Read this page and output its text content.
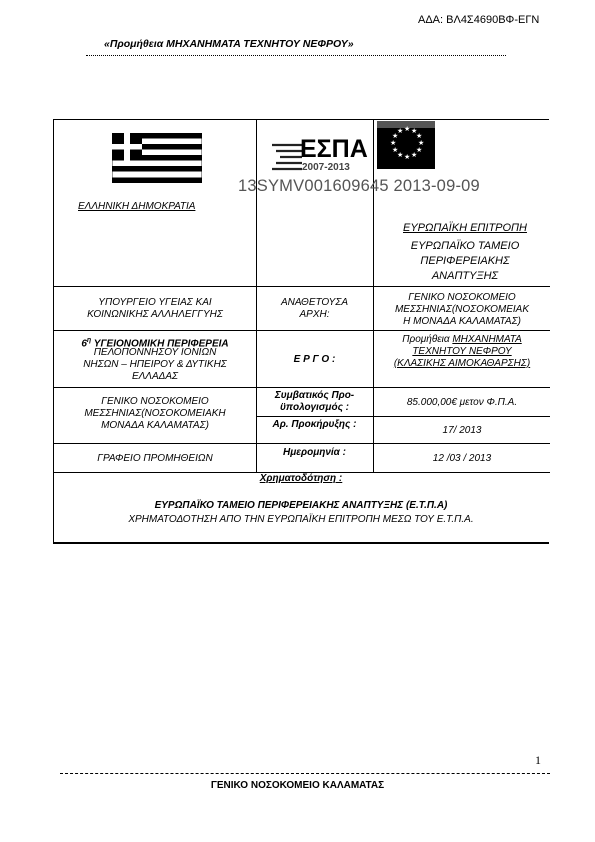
ΑΔΑ: ΒΛ4Σ4690ΒΦ-ΕΓΝ
«Προμήθεια ΜΗΧΑΝΗΜΑΤΑ ΤΕΧΝΗΤΟΥ ΝΕΦΡΟΥ»
ΕΣΠΑ
2007-2013
★ ★
★
★
★
★
★
★
★
★
★
★
13SYMV001609645 2013-09-09
ΕΛΛΗΝΙΚΗ ΔΗΜΟΚΡΑΤΙΑ
ΕΥΡΩΠΑΪΚΗ ΕΠΙΤΡΟΠΗ
ΕΥΡΩΠΑΪΚΟ ΤΑΜΕΙΟ
ΠΕΡΙΦΕΡΕΙΑΚΗΣ
ΑΝΑΠΤΥΞΗΣ
ΥΠΟΥΡΓΕΙΟ ΥΓΕΙΑΣ ΚΑΙ
ΚΟΙΝΩΝΙΚΗΣ ΑΛΛΗΛΕΓΓΥΗΣ
ΑΝΑΘΕΤΟΥΣΑ
ΑΡΧΗ:
ΓΕΝΙΚΟ ΝΟΣΟΚΟΜΕΙΟ
ΜΕΣΣΗΝΙΑΣ(ΝΟΣΟΚΟΜΕΙΑΚ
Η ΜΟΝΑΔΑ ΚΑΛΑΜΑΤΑΣ)
$6^\eta$ ΥΓΕΙΟΝΟΜΙΚΗ ΠΕΡΙΦΕΡΕΙΑ
ΠΕΛΟΠΟΝΝΗΣΟΥ ΙΟΝΙΩΝ
ΝΗΣΩΝ – ΗΠΕΙΡΟΥ & ΔΥΤΙΚΗΣ
ΕΛΛΑΔΑΣ
Ε Ρ Γ Ο :
Προμήθεια ΜΗΧΑΝΗΜΑΤΑ
ΤΕΧΝΗΤΟΥ ΝΕΦΡΟΥ
(ΚΛΑΣΙΚΗΣ ΑΙΜΟΚΑΘΑΡΣΗΣ)
ΓΕΝΙΚΟ ΝΟΣΟΚΟΜΕΙΟ
ΜΕΣΣΗΝΙΑΣ(ΝΟΣΟΚΟΜΕΙΑΚΗ
ΜΟΝΑΔΑ ΚΑΛΑΜΑΤΑΣ)
Συμβατικός Προ-
ϋπολογισμός :	85.000,00€ μετον Φ.Π.Α.
Αρ. Προκήρυξης :
17/ 2013
ΓΡΑΦΕΙΟ ΠΡΟΜΗΘΕΙΩΝ
Ημερομηνία :
12 /03 / 2013
Χρηματοδότηση :
ΕΥΡΩΠΑΪΚΟ ΤΑΜΕΙΟ ΠΕΡΙΦΕΡΕΙΑΚΗΣ ΑΝΑΠΤΥΞΗΣ (Ε.Τ.Π.Α)
ΧΡΗΜΑΤΟΔΟΤΗΣΗ ΑΠΟ ΤΗΝ ΕΥΡΩΠΑΪΚΗ ΕΠΙΤΡΟΠΗ ΜΕΣΩ ΤΟΥ Ε.Τ.Π.Α.
1
ΓΕΝΙΚΟ ΝΟΣΟΚΟΜΕΙΟ ΚΑΛΑΜΑΤΑΣ
